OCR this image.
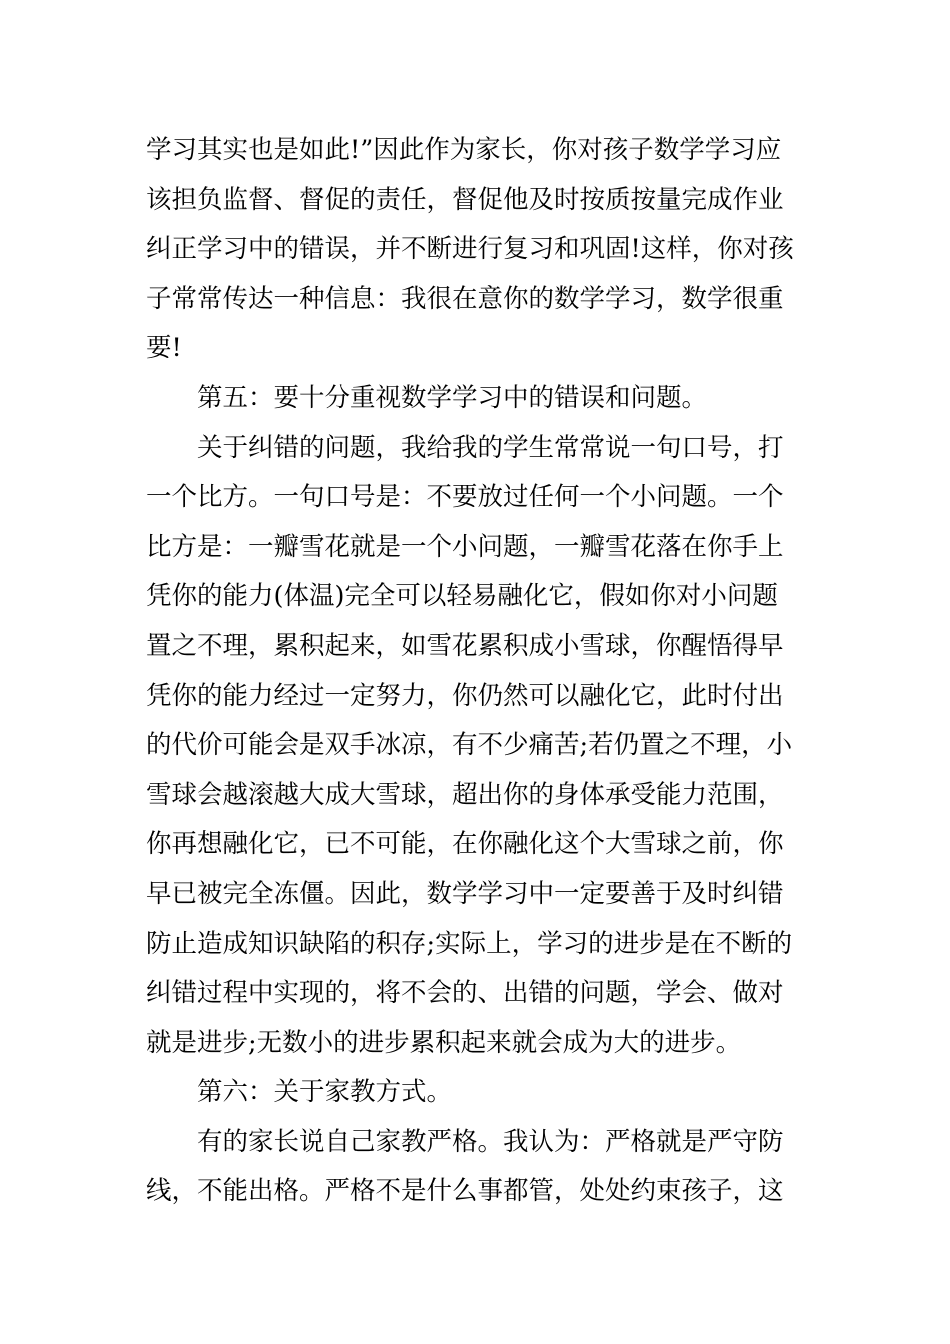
学习其实也是如此!”因此作为家长，你对孩子数学学习应
该担负监督、督促的责任，督促他及时按质按量完成作业
纠正学习中的错误，并不断进行复习和巩固!这样，你对孩
子常常传达一种信息：我很在意你的数学学习，数学很重
要!
第五：要十分重视数学学习中的错误和问题。
关于纠错的问题，我给我的学生常常说一句口号，打
一个比方。一句口号是：不要放过任何一个小问题。一个
比方是：一瓣雪花就是一个小问题，一瓣雪花落在你手上
凭你的能力(体温)完全可以轻易融化它，假如你对小问题
置之不理，累积起来，如雪花累积成小雪球，你醒悟得早
凭你的能力经过一定努力，你仍然可以融化它，此时付出
的代价可能会是双手冰凉，有不少痛苦;若仍置之不理，小
雪球会越滚越大成大雪球，超出你的身体承受能力范围，
你再想融化它，已不可能，在你融化这个大雪球之前，你
早已被完全冻僵。因此，数学学习中一定要善于及时纠错
防止造成知识缺陷的积存;实际上，学习的进步是在不断的
纠错过程中实现的，将不会的、出错的问题，学会、做对
就是进步;无数小的进步累积起来就会成为大的进步。
第六：关于家教方式。
有的家长说自己家教严格。我认为：严格就是严守防
线，不能出格。严格不是什么事都管，处处约束孩子，这
